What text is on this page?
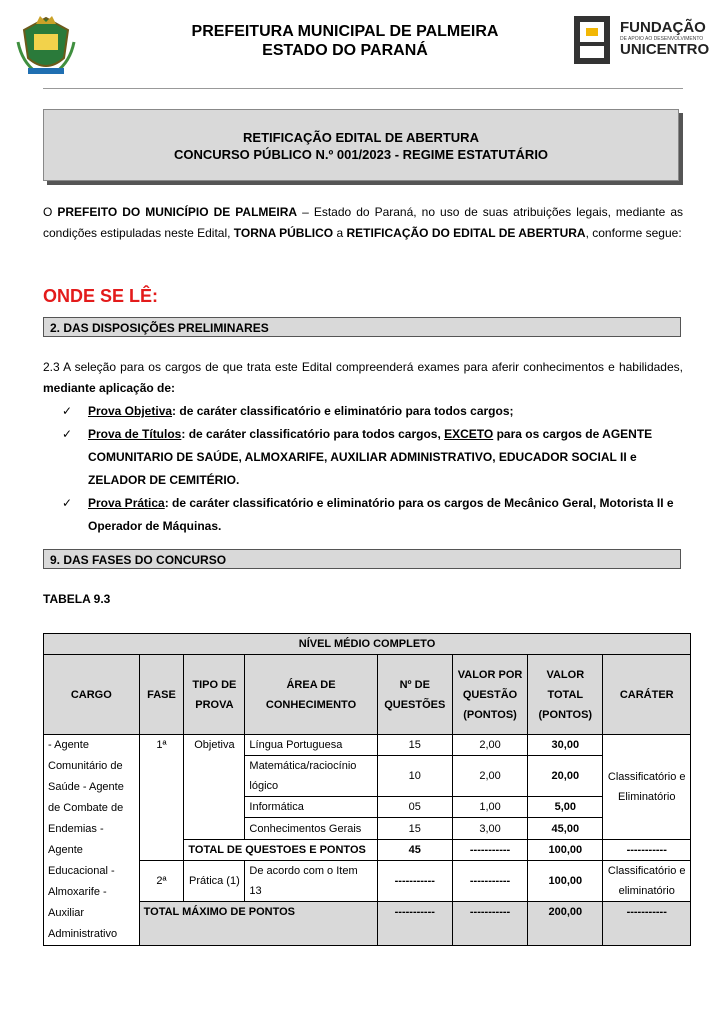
PREFEITURA MUNICIPAL DE PALMEIRA
ESTADO DO PARANÁ
FUNDAÇÃO
DE APOIO AO DESENVOLVIMENTO
UNICENTRO
RETIFICAÇÃO EDITAL DE ABERTURA
CONCURSO PÚBLICO N.º 001/2023 - REGIME ESTATUTÁRIO
O PREFEITO DO MUNICÍPIO DE PALMEIRA – Estado do Paraná, no uso de suas atribuições legais, mediante as condições estipuladas neste Edital, TORNA PÚBLICO a RETIFICAÇÃO DO EDITAL DE ABERTURA, conforme segue:
ONDE SE LÊ:
2. DAS DISPOSIÇÕES PRELIMINARES
2.3 A seleção para os cargos de que trata este Edital compreenderá exames para aferir conhecimentos e habilidades, mediante aplicação de:

✓ Prova Objetiva: de caráter classificatório e eliminatório para todos cargos;

✓ Prova de Títulos: de caráter classificatório para todos cargos, EXCETO para os cargos de AGENTE COMUNITARIO DE SAÚDE, ALMOXARIFE, AUXILIAR ADMINISTRATIVO, EDUCADOR SOCIAL II e ZELADOR DE CEMITÉRIO.

✓ Prova Prática: de caráter classificatório e eliminatório para os cargos de Mecânico Geral, Motorista II e Operador de Máquinas.

9. DAS FASES DO CONCURSO
TABELA 9.3
NÍVEL MÉDIO COMPLETO							
CARGO	FASE	TIPO DE PROVA	ÁREA DE CONHECIMENTO	Nº DE QUESTÕES	VALOR POR QUESTÃO (PONTOS)	VALOR TOTAL (PONTOS)	CARÁTER
- Agente Comunitário de Saúde - Agente de Combate de Endemias - Agente Educacional - Almoxarife - Auxiliar Administrativo	1ª	Objetiva	Língua Portuguesa	15	2,00	30,00	Classificatório e Eliminatório
			Matemática/raciocínio lógico	10	2,00	20,00	
			Informática	05	1,00	5,00	
			Conhecimentos Gerais	15	3,00	45,00	
		TOTAL DE QUESTOES E PONTOS		45	-----------	100,00	-----------
	2ª	Prática (1)	De acordo com o Item 13	-----------	-----------	100,00	Classificatório e eliminatório
	TOTAL MÁXIMO DE PONTOS			-----------	-----------	200,00	-----------
